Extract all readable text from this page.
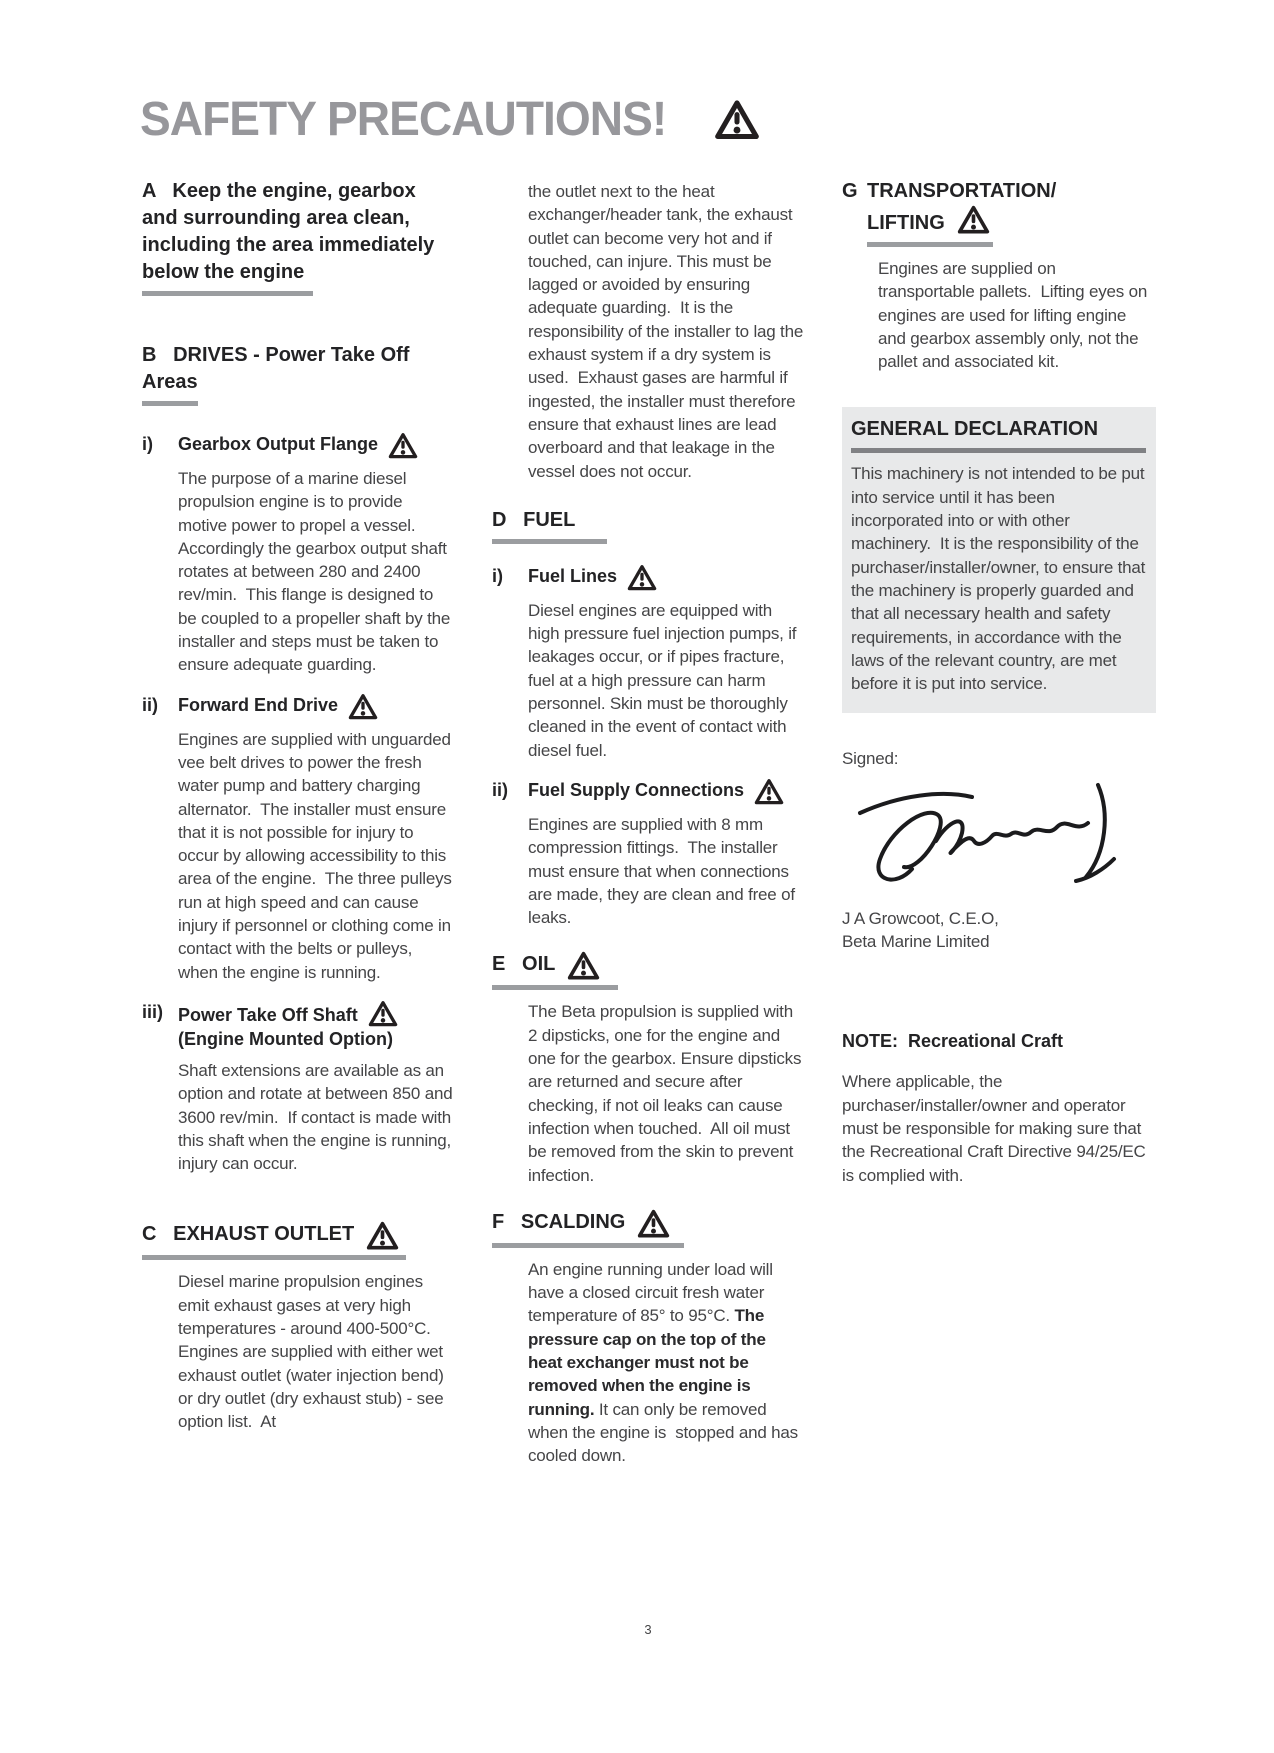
SAFETY PRECAUTIONS!
A   Keep the engine, gearbox and surrounding area clean, including the area immediately below the engine
B   DRIVES - Power Take Off Areas
i)	Gearbox Output Flange

The purpose of a marine diesel propulsion engine is to provide motive power to propel a vessel. Accordingly the gearbox output shaft rotates at between 280 and 2400 rev/min.  This flange is designed to be coupled to a propeller shaft by the installer and steps must be taken to ensure adequate guarding.

ii)	Forward End Drive

Engines are supplied with unguarded vee belt drives to power the fresh water pump and battery charging alternator.  The installer must ensure that it is not possible for injury to occur by allowing accessibility to this area of the engine.  The three pulleys run at high speed and can cause injury if personnel or clothing come in contact with the belts or pulleys, when the engine is running.

iii) Power Take Off Shaft
(Engine Mounted Option)

Shaft extensions are available as an option and rotate at between 850 and 3600 rev/min.  If contact is made with this shaft when the engine is running, injury can occur.

C   EXHAUST OUTLET

Diesel marine propulsion engines emit exhaust gases at very high temperatures - around 400-500°C.  Engines are supplied with either wet exhaust outlet (water injection bend) or dry outlet (dry exhaust stub) - see option list.  At

the outlet next to the heat exchanger/header tank, the exhaust outlet can become very hot and if touched, can injure. This must be lagged or avoided by ensuring adequate guarding.  It is the responsibility of the installer to lag the exhaust system if a dry system is used.  Exhaust gases are harmful if ingested, the installer must therefore ensure that exhaust lines are lead overboard and that leakage in the vessel does not occur.

D   FUEL
i)	Fuel Lines

Diesel engines are equipped with high pressure fuel injection pumps, if leakages occur, or if pipes fracture, fuel at a high pressure can harm personnel. Skin must be thoroughly cleaned in the event of contact with diesel fuel.

ii)	Fuel Supply Connections

Engines are supplied with 8 mm compression fittings.  The installer must ensure that when connections are made, they are clean and free of leaks.

E   OIL

The Beta propulsion is supplied with 2 dipsticks, one for the engine and one for the gearbox. Ensure dipsticks are returned and secure after checking, if not oil leaks can cause infection when touched.  All oil must be removed from the skin to prevent infection.

F   SCALDING

An engine running under load will have a closed circuit fresh water temperature of 85° to 95°C. The pressure cap on the top of the heat exchanger must not be removed when the engine is running. It can only be removed when the engine is  stopped and has cooled down.

G TRANSPORTATION/
LIFTING

Engines are supplied on transportable pallets.  Lifting eyes on engines are used for lifting engine and gearbox assembly only, not the pallet and associated kit.

GENERAL DECLARATION

This machinery is not intended to be put into service until it has been incorporated into or with other machinery.  It is the responsibility of the purchaser/installer/owner, to ensure that the machinery is properly guarded and that all necessary health and safety requirements, in accordance with the laws of the relevant country, are met before it is put into service.

Signed:

J A Growcoot, C.E.O,
Beta Marine Limited
NOTE:  Recreational Craft

Where applicable, the purchaser/installer/owner and operator must be responsible for making sure that the Recreational Craft Directive 94/25/EC is complied with.

3
